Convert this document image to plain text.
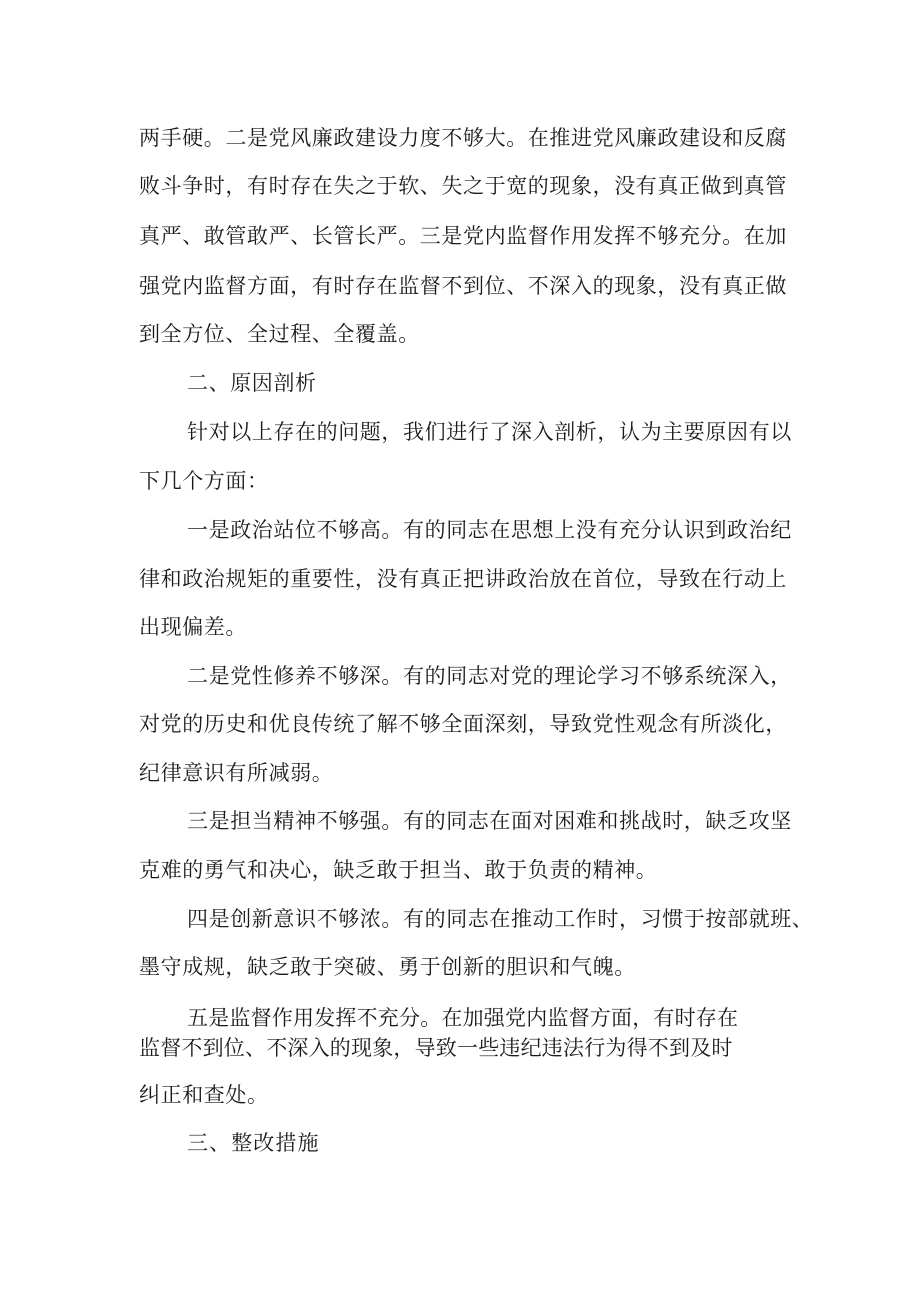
两手硬。二是党风廉政建设力度不够大。在推进党风廉政建设和反腐
败斗争时，有时存在失之于软、失之于宽的现象，没有真正做到真管
真严、敢管敢严、长管长严。三是党内监督作用发挥不够充分。在加
强党内监督方面，有时存在监督不到位、不深入的现象，没有真正做
到全方位、全过程、全覆盖。
二、原因剖析
针对以上存在的问题，我们进行了深入剖析，认为主要原因有以
下几个方面：
一是政治站位不够高。有的同志在思想上没有充分认识到政治纪
律和政治规矩的重要性，没有真正把讲政治放在首位，导致在行动上
出现偏差。
二是党性修养不够深。有的同志对党的理论学习不够系统深入，
对党的历史和优良传统了解不够全面深刻，导致党性观念有所淡化，
纪律意识有所减弱。
三是担当精神不够强。有的同志在面对困难和挑战时，缺乏攻坚
克难的勇气和决心，缺乏敢于担当、敢于负责的精神。
四是创新意识不够浓。有的同志在推动工作时，习惯于按部就班、
墨守成规，缺乏敢于突破、勇于创新的胆识和气魄。
五是监督作用发挥不充分。在加强党内监督方面，有时存在
监督不到位、不深入的现象，导致一些违纪违法行为得不到及时
纠正和查处。
三、整改措施
